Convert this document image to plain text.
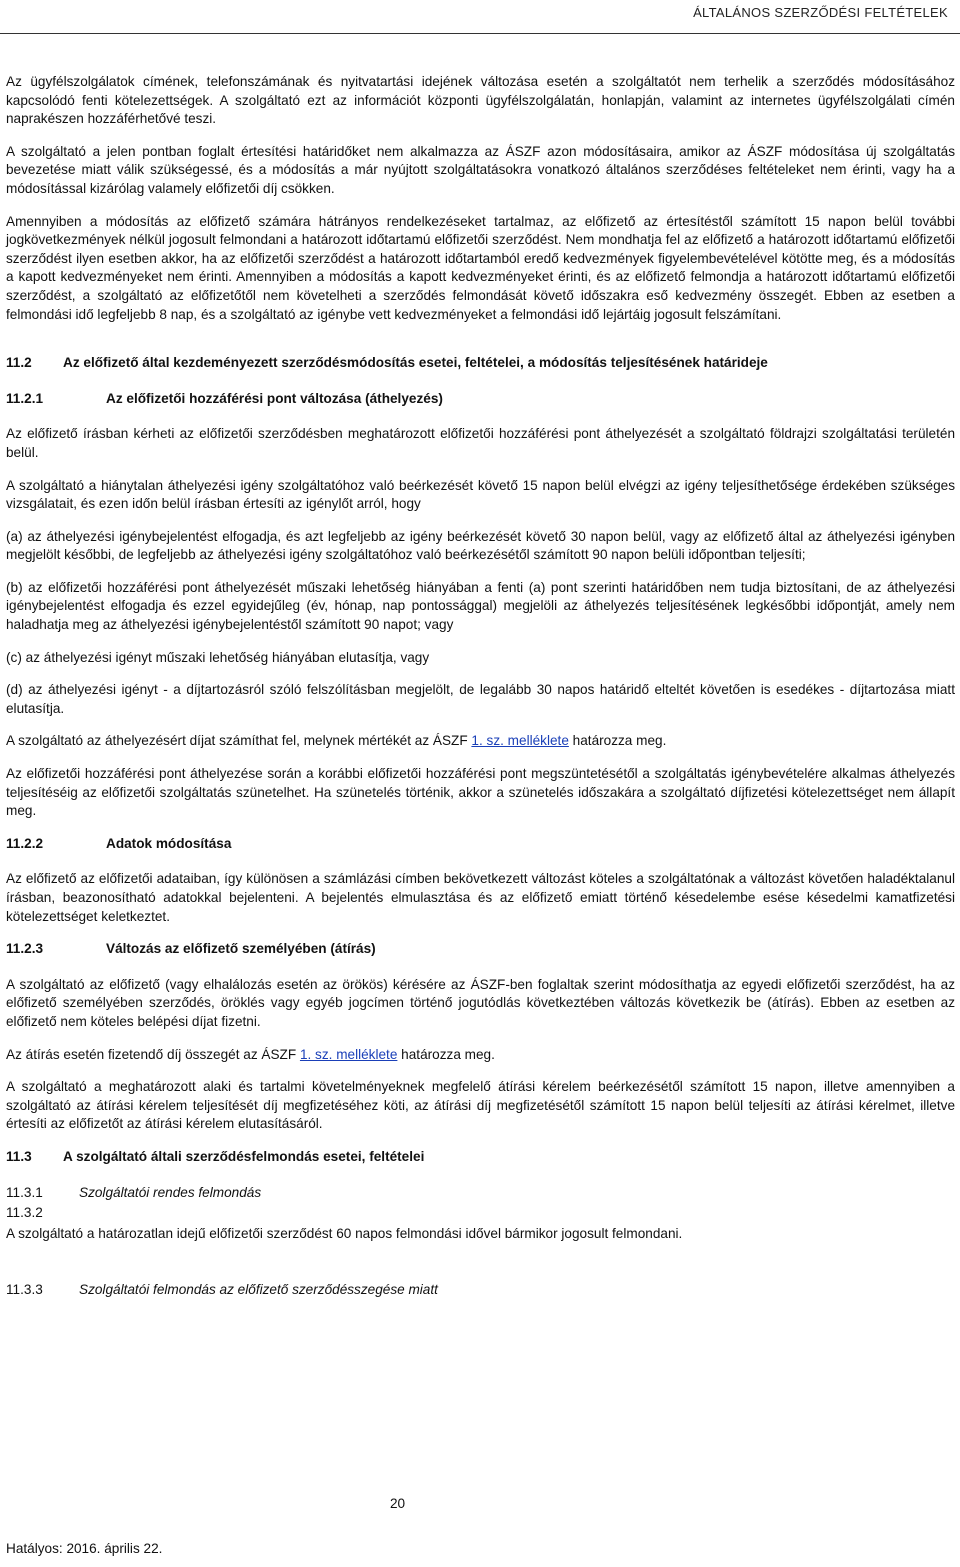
ÁLTALÁNOS SZERZŐDÉSI FELTÉTELEK

Az ügyfélszolgálatok címének, telefonszámának és nyitvatartási idejének változása esetén a szolgáltatót nem terhelik a szerződés módosításához kapcsolódó fenti kötelezettségek. A szolgáltató ezt az információt központi ügyfélszolgálatán, honlapján, valamint az internetes ügyfélszolgálati címén naprakészen hozzáférhetővé teszi.

A szolgáltató a jelen pontban foglalt értesítési határidőket nem alkalmazza az ÁSZF azon módosításaira, amikor az ÁSZF módosítása új szolgáltatás bevezetése miatt válik szükségessé, és a módosítás a már nyújtott szolgáltatásokra vonatkozó általános szerződéses feltételeket nem érinti, vagy ha a módosítással kizárólag valamely előfizetői díj csökken.

Amennyiben a módosítás az előfizető számára hátrányos rendelkezéseket tartalmaz, az előfizető az értesítéstől számított 15 napon belül további jogkövetkezmények nélkül jogosult felmondani a határozott időtartamú előfizetői szerződést. Nem mondhatja fel az előfizető a határozott időtartamú előfizetői szerződést ilyen esetben akkor, ha az előfizetői szerződést a határozott időtartamból eredő kedvezmények figyelembevételével kötötte meg, és a módosítás a kapott kedvezményeket nem érinti. Amennyiben a módosítás a kapott kedvezményeket érinti, és az előfizető felmondja a határozott időtartamú előfizetői szerződést, a szolgáltató az előfizetőtől nem követelheti a szerződés felmondását követő időszakra eső kedvezmény összegét. Ebben az esetben a felmondási idő legfeljebb 8 nap, és a szolgáltató az igénybe vett kedvezményeket a felmondási idő lejártáig jogosult felszámítani.

11.2	Az előfizető által kezdeményezett szerződésmódosítás esetei, feltételei, a módosítás teljesítésének határideje
11.2.1	Az előfizetői hozzáférési pont változása (áthelyezés)

Az előfizető írásban kérheti az előfizetői szerződésben meghatározott előfizetői hozzáférési pont áthelyezését a szolgáltató földrajzi szolgáltatási területén belül.

A szolgáltató a hiánytalan áthelyezési igény szolgáltatóhoz való beérkezését követő 15 napon belül elvégzi az igény teljesíthetősége érdekében szükséges vizsgálatait, és ezen időn belül írásban értesíti az igénylőt arról, hogy

(a) az áthelyezési igénybejelentést elfogadja, és azt legfeljebb az igény beérkezését követő 30 napon belül, vagy az előfizető által az áthelyezési igényben megjelölt későbbi, de legfeljebb az áthelyezési igény szolgáltatóhoz való beérkezésétől számított 90 napon belüli időpontban teljesíti;

(b) az előfizetői hozzáférési pont áthelyezését műszaki lehetőség hiányában a fenti (a) pont szerinti határidőben nem tudja biztosítani, de az áthelyezési igénybejelentést elfogadja és ezzel egyidejűleg (év, hónap, nap pontossággal) megjelöli az áthelyezés teljesítésének legkésőbbi időpontját, amely nem haladhatja meg az áthelyezési igénybejelentéstől számított 90 napot; vagy

(c) az áthelyezési igényt műszaki lehetőség hiányában elutasítja, vagy

(d) az áthelyezési igényt - a díjtartozásról szóló felszólításban megjelölt, de legalább 30 napos határidő elteltét követően is esedékes - díjtartozása miatt elutasítja.

A szolgáltató az áthelyezésért díjat számíthat fel, melynek mértékét az ÁSZF 1. sz. melléklete határozza meg.

Az előfizetői hozzáférési pont áthelyezése során a korábbi előfizetői hozzáférési pont megszüntetésétől a szolgáltatás igénybevételére alkalmas áthelyezés teljesítéséig az előfizetői szolgáltatás szünetelhet. Ha szünetelés történik, akkor a szünetelés időszakára a szolgáltató díjfizetési kötelezettséget nem állapít meg.

11.2.2	Adatok módosítása

Az előfizető az előfizetői adataiban, így különösen a számlázási címben bekövetkezett változást köteles a szolgáltatónak a változást követően haladéktalanul írásban, beazonosítható adatokkal bejelenteni. A bejelentés elmulasztása és az előfizető emiatt történő késedelembe esése késedelmi kamatfizetési kötelezettséget keletkeztet.

11.2.3	Változás az előfizető személyében (átírás)

A szolgáltató az előfizető (vagy elhalálozás esetén az örökös) kérésére az ÁSZF-ben foglaltak szerint módosíthatja az egyedi előfizetői szerződést, ha az előfizető személyében szerződés, öröklés vagy egyéb jogcímen történő jogutódlás következtében változás következik be (átírás). Ebben az esetben az előfizető nem köteles belépési díjat fizetni.

Az átírás esetén fizetendő díj összegét az ÁSZF 1. sz. melléklete határozza meg.

A szolgáltató a meghatározott alaki és tartalmi követelményeknek megfelelő átírási kérelem beérkezésétől számított 15 napon, illetve amennyiben a szolgáltató az átírási kérelem teljesítését díj megfizetéséhez köti, az átírási díj megfizetésétől számított 15 napon belül teljesíti az átírási kérelmet, illetve értesíti az előfizetőt az átírási kérelem elutasításáról.

11.3	A szolgáltató általi szerződésfelmondás esetei, feltételei
11.3.1	Szolgáltatói rendes felmondás
11.3.2

A szolgáltató a határozatlan idejű előfizetői szerződést 60 napos felmondási idővel bármikor jogosult felmondani.

11.3.3	Szolgáltatói felmondás az előfizető szerződésszegése miatt
20
Hatályos: 2016. április 22.
